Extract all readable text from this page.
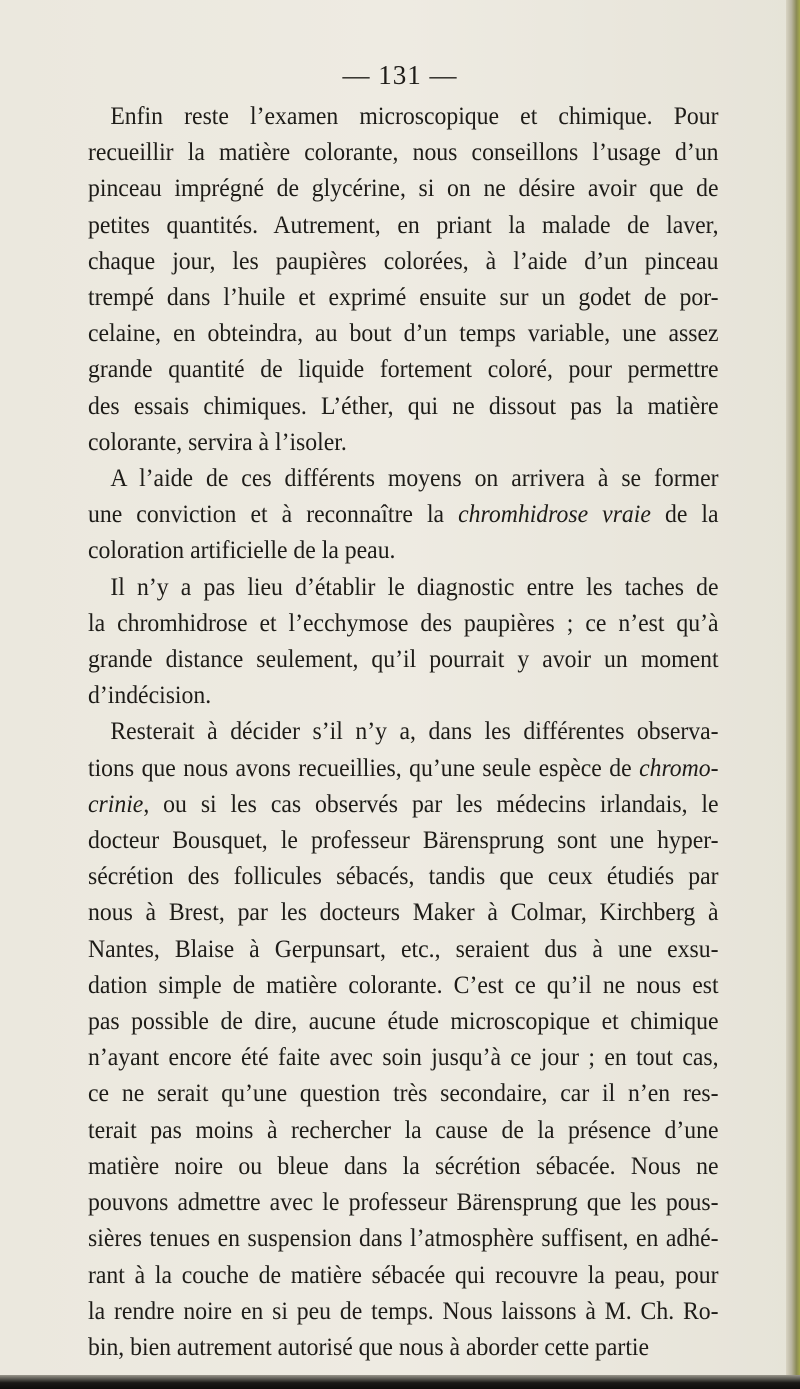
— 131 —

Enfin reste l’examen microscopique et chimique. Pour

recueillir la matière colorante, nous conseillons l’usage d’un

pinceau imprégné de glycérine, si on ne désire avoir que de

petites quantités. Autrement, en priant la malade de laver,

chaque jour, les paupières colorées, à l’aide d’un pinceau

trempé dans l’huile et exprimé ensuite sur un godet de por-

celaine, en obteindra, au bout d’un temps variable, une assez

grande quantité de liquide fortement coloré, pour permettre

des essais chimiques. L’éther, qui ne dissout pas la matière

colorante, servira à l’isoler.

A l’aide de ces différents moyens on arrivera à se former

une conviction et à reconnaître la chromhidrose vraie de la

coloration artificielle de la peau.

Il n’y a pas lieu d’établir le diagnostic entre les taches de

la chromhidrose et l’ecchymose des paupières ; ce n’est qu’à

grande distance seulement, qu’il pourrait y avoir un moment

d’indécision.

Resterait à décider s’il n’y a, dans les différentes observa-

tions que nous avons recueillies, qu’une seule espèce de chromo-

crinie, ou si les cas observés par les médecins irlandais, le

docteur Bousquet, le professeur Bärensprung sont une hyper-

sécrétion des follicules sébacés, tandis que ceux étudiés par

nous à Brest, par les docteurs Maker à Colmar, Kirchberg à

Nantes, Blaise à Gerpunsart, etc., seraient dus à une exsu-

dation simple de matière colorante. C’est ce qu’il ne nous est

pas possible de dire, aucune étude microscopique et chimique

n’ayant encore été faite avec soin jusqu’à ce jour ; en tout cas,

ce ne serait qu’une question très secondaire, car il n’en res-

terait pas moins à rechercher la cause de la présence d’une

matière noire ou bleue dans la sécrétion sébacée. Nous ne

pouvons admettre avec le professeur Bärensprung que les pous-

sières tenues en suspension dans l’atmosphère suffisent, en adhé-

rant à la couche de matière sébacée qui recouvre la peau, pour

la rendre noire en si peu de temps. Nous laissons à M. Ch. Ro-

bin, bien autrement autorisé que nous à aborder cette partie
